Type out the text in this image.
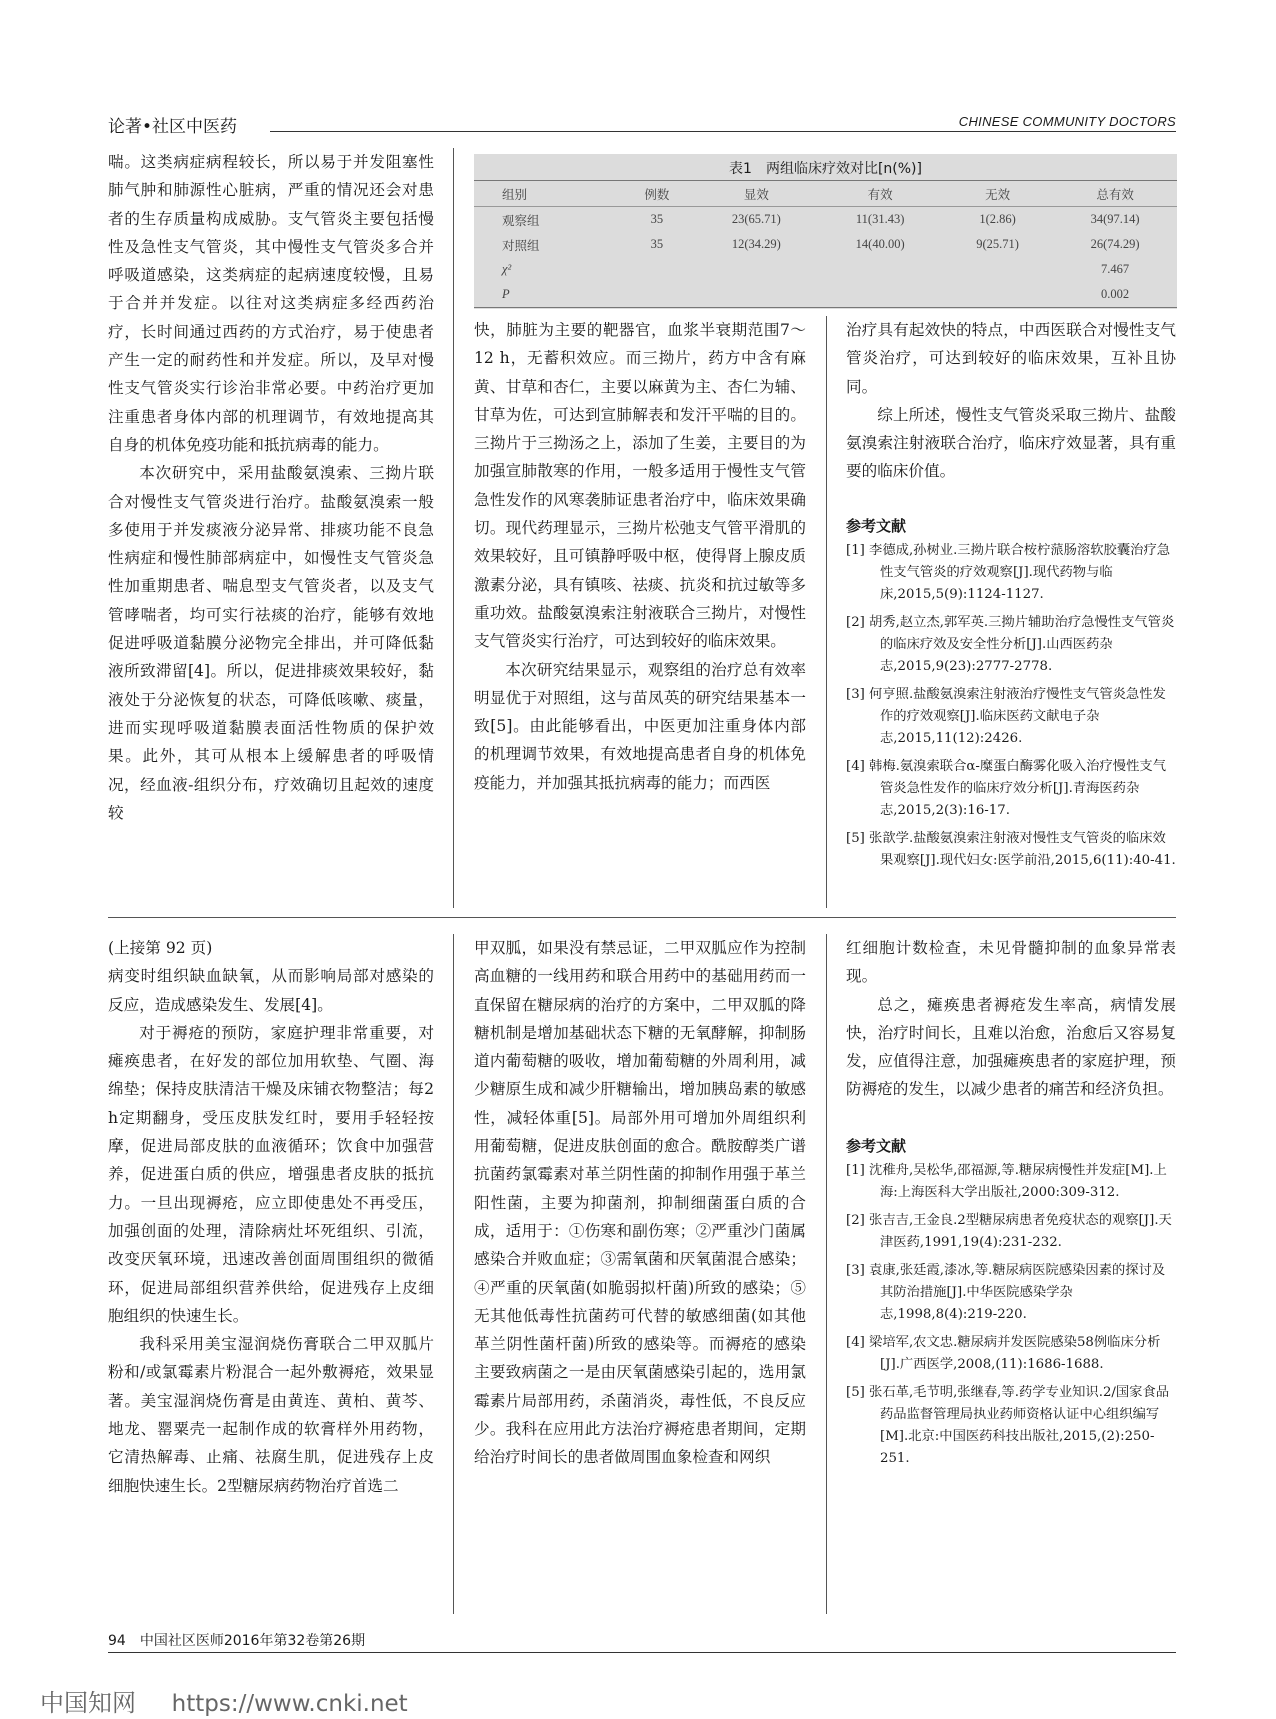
论著•社区中医药	CHINESE COMMUNITY DOCTORS

喘。这类病症病程较长，所以易于并发阻塞性肺气肿和肺源性心脏病，严重的情况还会对患者的生存质量构成威胁。支气管炎主要包括慢性及急性支气管炎，其中慢性支气管炎多合并呼吸道感染，这类病症的起病速度较慢，且易于合并并发症。以往对这类病症多经西药治疗，长时间通过西药的方式治疗，易于使患者产生一定的耐药性和并发症。所以，及早对慢性支气管炎实行诊治非常必要。中药治疗更加注重患者身体内部的机理调节，有效地提高其自身的机体免疫功能和抵抗病毒的能力。

本次研究中，采用盐酸氨溴索、三拗片联合对慢性支气管炎进行治疗。盐酸氨溴索一般多使用于并发痰液分泌异常、排痰功能不良急性病症和慢性肺部病症中，如慢性支气管炎急性加重期患者、喘息型支气管炎者，以及支气管哮喘者，均可实行祛痰的治疗，能够有效地促进呼吸道黏膜分泌物完全排出，并可降低黏液所致滞留[4]。所以，促进排痰效果较好，黏液处于分泌恢复的状态，可降低咳嗽、痰量，进而实现呼吸道黏膜表面活性物质的保护效果。此外，其可从根本上缓解患者的呼吸情况，经血液-组织分布，疗效确切且起效的速度较

表1　两组临床疗效对比[n(%)]
组别	例数	显效	有效	无效	总有效
观察组	35	23(65.71)	11(31.43)	1(2.86)	34(97.14)
对照组	35	12(34.29)	14(40.00)	9(25.71)	26(74.29)
χ²					7.467
P					0.002

快，肺脏为主要的靶器官，血浆半衰期范围7～12 h，无蓄积效应。而三拗片，药方中含有麻黄、甘草和杏仁，主要以麻黄为主、杏仁为辅、甘草为佐，可达到宣肺解表和发汗平喘的目的。三拗片于三拗汤之上，添加了生姜，主要目的为加强宣肺散寒的作用，一般多适用于慢性支气管急性发作的风寒袭肺证患者治疗中，临床效果确切。现代药理显示，三拗片松弛支气管平滑肌的效果较好，且可镇静呼吸中枢，使得肾上腺皮质激素分泌，具有镇咳、祛痰、抗炎和抗过敏等多重功效。盐酸氨溴索注射液联合三拗片，对慢性支气管炎实行治疗，可达到较好的临床效果。

本次研究结果显示，观察组的治疗总有效率明显优于对照组，这与苗凤英的研究结果基本一致[5]。由此能够看出，中医更加注重身体内部的机理调节效果，有效地提高患者自身的机体免疫能力，并加强其抵抗病毒的能力；而西医

治疗具有起效快的特点，中西医联合对慢性支气管炎治疗，可达到较好的临床效果，互补且协同。

综上所述，慢性支气管炎采取三拗片、盐酸氨溴索注射液联合治疗，临床疗效显著，具有重要的临床价值。

参考文献
[1] 李德成,孙树业.三拗片联合桉柠蒎肠溶软胶囊治疗急性支气管炎的疗效观察[J].现代药物与临床,2015,5(9):1124-1127.
[2] 胡秀,赵立杰,郭军英.三拗片辅助治疗急慢性支气管炎的临床疗效及安全性分析[J].山西医药杂志,2015,9(23):2777-2778.
[3] 何亨照.盐酸氨溴索注射液治疗慢性支气管炎急性发作的疗效观察[J].临床医药文献电子杂志,2015,11(12):2426.
[4] 韩梅.氨溴索联合α-糜蛋白酶雾化吸入治疗慢性支气管炎急性发作的临床疗效分析[J].青海医药杂志,2015,2(3):16-17.
[5] 张歆学.盐酸氨溴索注射液对慢性支气管炎的临床效果观察[J].现代妇女:医学前沿,2015,6(11):40-41.

(上接第 92 页)

病变时组织缺血缺氧，从而影响局部对感染的反应，造成感染发生、发展[4]。

对于褥疮的预防，家庭护理非常重要，对瘫痪患者，在好发的部位加用软垫、气圈、海绵垫；保持皮肤清洁干燥及床铺衣物整洁；每2 h定期翻身，受压皮肤发红时，要用手轻轻按摩，促进局部皮肤的血液循环；饮食中加强营养，促进蛋白质的供应，增强患者皮肤的抵抗力。一旦出现褥疮，应立即使患处不再受压，加强创面的处理，清除病灶坏死组织、引流，改变厌氧环境，迅速改善创面周围组织的微循环，促进局部组织营养供给，促进残存上皮细胞组织的快速生长。

我科采用美宝湿润烧伤膏联合二甲双胍片粉和/或氯霉素片粉混合一起外敷褥疮，效果显著。美宝湿润烧伤膏是由黄连、黄柏、黄芩、地龙、罂粟壳一起制作成的软膏样外用药物，它清热解毒、止痛、祛腐生肌，促进残存上皮细胞快速生长。2型糖尿病药物治疗首选二

甲双胍，如果没有禁忌证，二甲双胍应作为控制高血糖的一线用药和联合用药中的基础用药而一直保留在糖尿病的治疗的方案中，二甲双胍的降糖机制是增加基础状态下糖的无氧酵解，抑制肠道内葡萄糖的吸收，增加葡萄糖的外周利用，减少糖原生成和减少肝糖输出，增加胰岛素的敏感性，减轻体重[5]。局部外用可增加外周组织利用葡萄糖，促进皮肤创面的愈合。酰胺醇类广谱抗菌药氯霉素对革兰阴性菌的抑制作用强于革兰阳性菌，主要为抑菌剂，抑制细菌蛋白质的合成，适用于：①伤寒和副伤寒；②严重沙门菌属感染合并败血症；③需氧菌和厌氧菌混合感染；④严重的厌氧菌(如脆弱拟杆菌)所致的感染；⑤无其他低毒性抗菌药可代替的敏感细菌(如其他革兰阴性菌杆菌)所致的感染等。而褥疮的感染主要致病菌之一是由厌氧菌感染引起的，选用氯霉素片局部用药，杀菌消炎，毒性低，不良反应少。我科在应用此方法治疗褥疮患者期间，定期给治疗时间长的患者做周围血象检查和网织

红细胞计数检查，未见骨髓抑制的血象异常表现。

总之，瘫痪患者褥疮发生率高，病情发展快，治疗时间长，且难以治愈，治愈后又容易复发，应值得注意，加强瘫痪患者的家庭护理，预防褥疮的发生，以减少患者的痛苦和经济负担。

参考文献
[1] 沈稚舟,吴松华,邵福源,等.糖尿病慢性并发症[M].上海:上海医科大学出版社,2000:309-312.
[2] 张吉吉,王金良.2型糖尿病患者免疫状态的观察[J].天津医药,1991,19(4):231-232.
[3] 袁康,张廷霞,漆冰,等.糖尿病医院感染因素的探讨及其防治措施[J].中华医院感染学杂志,1998,8(4):219-220.
[4] 梁培军,农文忠.糖尿病并发医院感染58例临床分析[J].广西医学,2008,(11):1686-1688.
[5] 张石革,毛节明,张继春,等.药学专业知识.2/国家食品药品监督管理局执业药师资格认证中心组织编写[M].北京:中国医药科技出版社,2015,(2):250-251.
94　中国社区医师2016年第32卷第26期
中国知网 https://www.cnki.net
